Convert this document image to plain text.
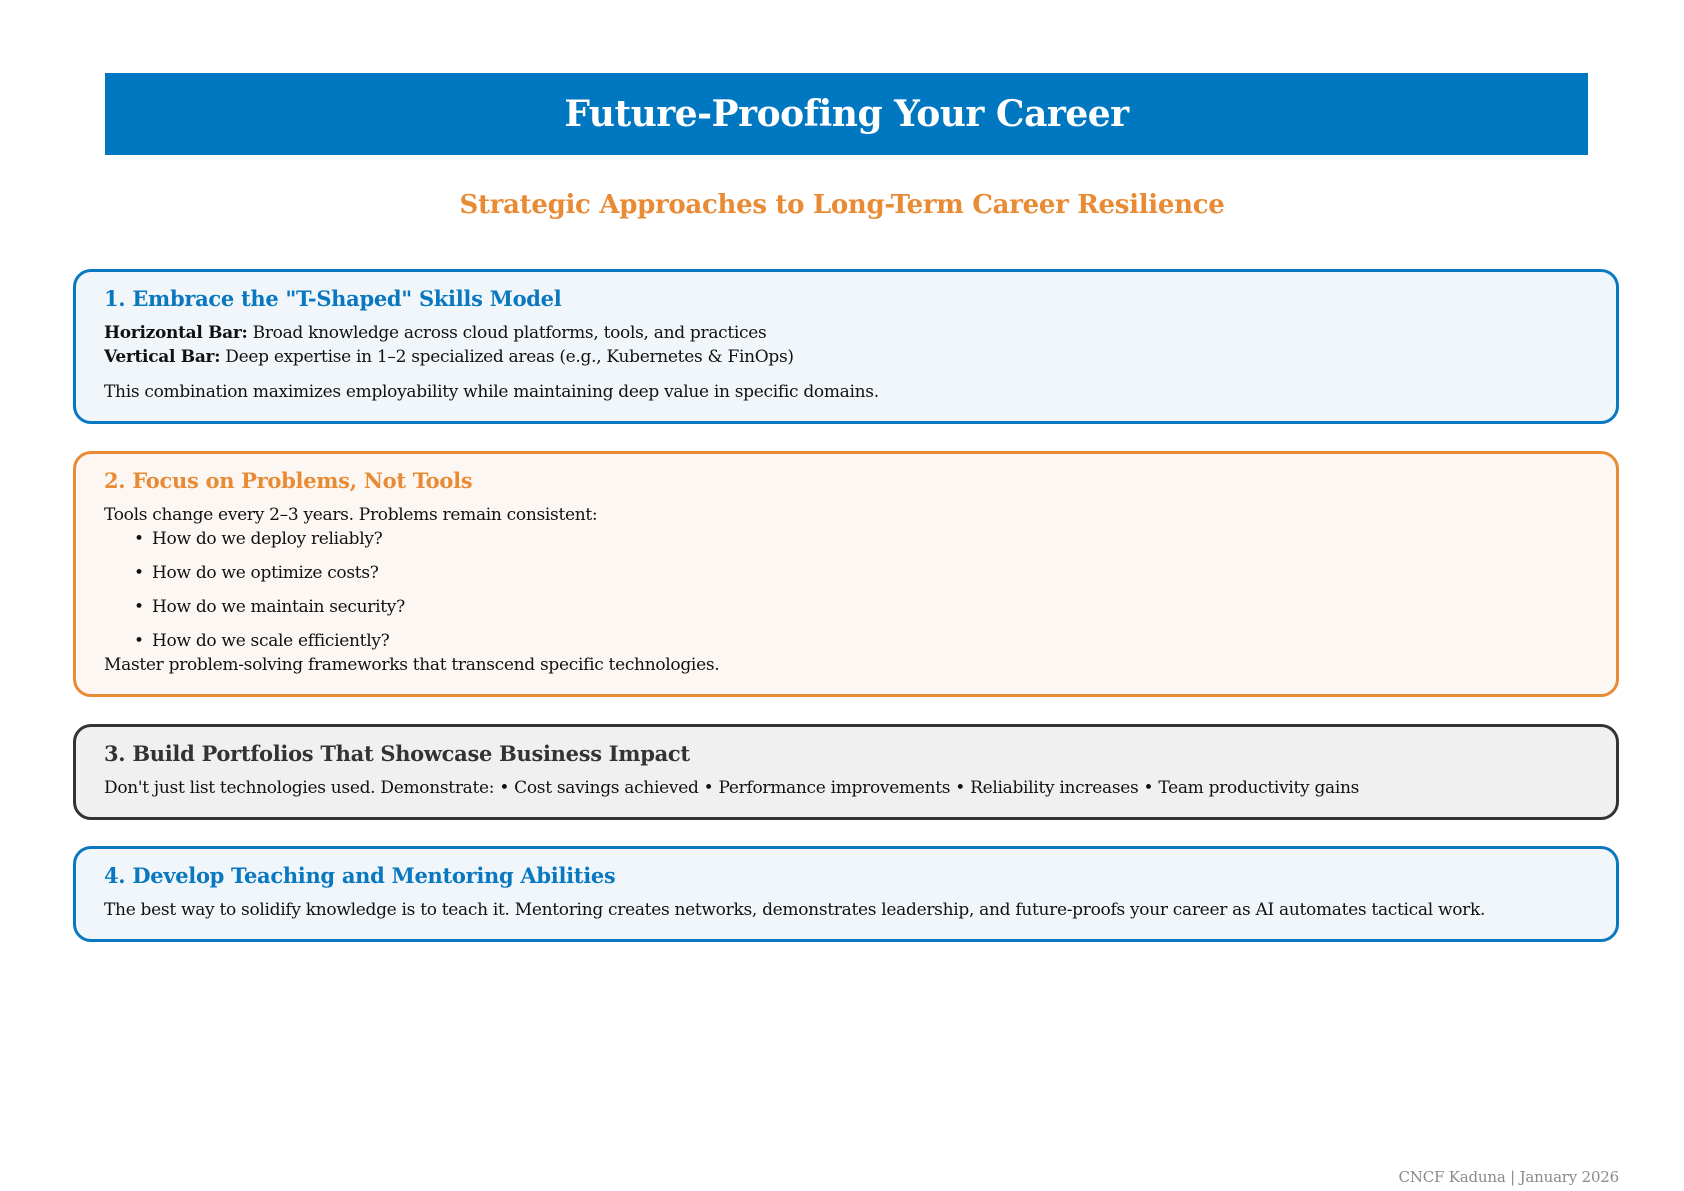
Future-Proofing Your Career
Strategic Approaches to Long-Term Career Resilience
1. Embrace the "T-Shaped" Skills Model

Horizontal Bar: Broad knowledge across cloud platforms, tools, and practices

Vertical Bar: Deep expertise in 1–2 specialized areas (e.g., Kubernetes & FinOps)

This combination maximizes employability while maintaining deep value in specific domains.

2. Focus on Problems, Not Tools

Tools change every 2–3 years. Problems remain consistent:

• How do we deploy reliably?
• How do we optimize costs?
• How do we maintain security?
• How do we scale efficiently?

Master problem-solving frameworks that transcend specific technologies.

3. Build Portfolios That Showcase Business Impact

Don't just list technologies used. Demonstrate: • Cost savings achieved • Performance improvements • Reliability increases • Team productivity gains

4. Develop Teaching and Mentoring Abilities

The best way to solidify knowledge is to teach it. Mentoring creates networks, demonstrates leadership, and future-proofs your career as AI automates tactical work.

CNCF Kaduna | January 2026
